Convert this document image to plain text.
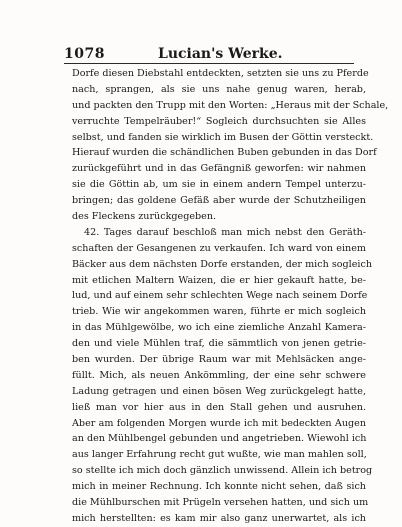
1078	Lucian's Werke.
Dorfe diesen Diebstahl entdeckten, setzten sie uns zu Pferde
nach, sprangen, als sie uns nahe genug waren, herab,
und packten den Trupp mit den Worten: „Heraus mit der Schale,
verruchte Tempelräuber!“ Sogleich durchsuchten sie Alles
selbst, und fanden sie wirklich im Busen der Göttin versteckt.
Hierauf wurden die schändlichen Buben gebunden in das Dorf
zurückgeführt und in das Gefängniß geworfen: wir nahmen
sie die Göttin ab, um sie in einem andern Tempel unterzu-
bringen; das goldene Gefäß aber wurde der Schutzheiligen
des Fleckens zurückgegeben.
42. Tages darauf beschloß man mich nebst den Geräth-
schaften der Gesangenen zu verkaufen. Ich ward von einem
Bäcker aus dem nächsten Dorfe erstanden, der mich sogleich
mit etlichen Maltern Waizen, die er hier gekauft hatte, be-
lud, und auf einem sehr schlechten Wege nach seinem Dorfe
trieb. Wie wir angekommen waren, führte er mich sogleich
in das Mühlgewölbe, wo ich eine ziemliche Anzahl Kamera-
den und viele Mühlen traf, die sämmtlich von jenen getrie-
ben wurden. Der übrige Raum war mit Mehlsäcken ange-
füllt. Mich, als neuen Ankömmling, der eine sehr schwere
Ladung getragen und einen bösen Weg zurückgelegt hatte,
ließ man vor hier aus in den Stall gehen und ausruhen.
Aber am folgenden Morgen wurde ich mit bedeckten Augen
an den Mühlbengel gebunden und angetrieben. Wiewohl ich
aus langer Erfahrung recht gut wußte, wie man mahlen soll,
so stellte ich mich doch gänzlich unwissend. Allein ich betrog
mich in meiner Rechnung. Ich konnte nicht sehen, daß sich
die Mühlburschen mit Prügeln versehen hatten, und sich um
mich herstellten: es kam mir also ganz unerwartet, als ich
